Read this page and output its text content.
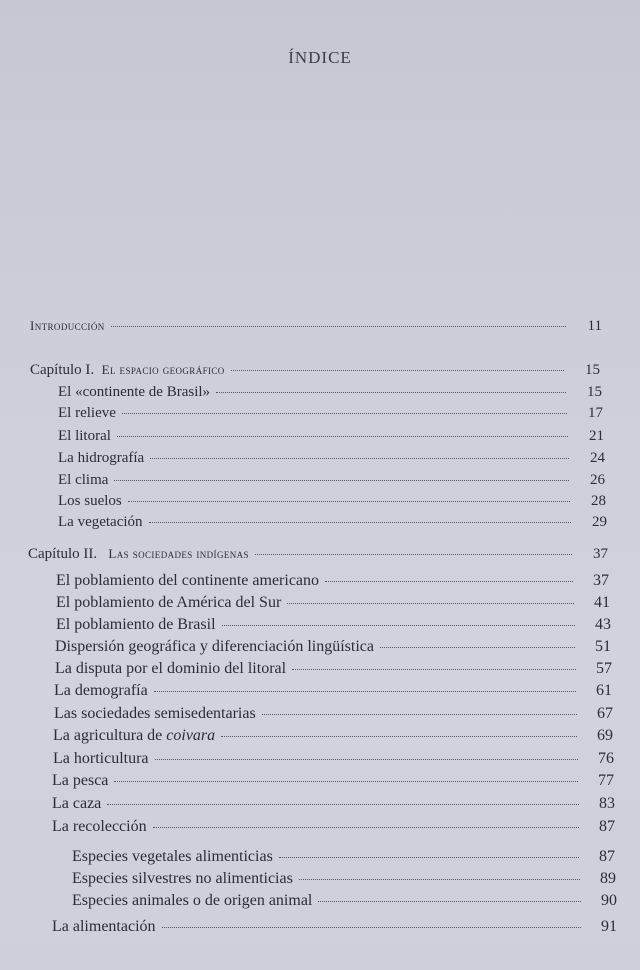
ÍNDICE
Introducción	11
Capítulo I. El espacio geográfico	15
El «continente de Brasil»	15
El relieve	17
El litoral	21
La hidrografía	24
El clima	26
Los suelos	28
La vegetación	29
Capítulo II. Las sociedades indígenas	37
El poblamiento del continente americano	37
El poblamiento de América del Sur	41
El poblamiento de Brasil	43
Dispersión geográfica y diferenciación lingüística	51
La disputa por el dominio del litoral	57
La demografía	61
Las sociedades semisedentarias	67
La agricultura de coivara	69
La horticultura	76
La pesca	77
La caza	83
La recolección	87
Especies vegetales alimenticias	87
Especies silvestres no alimenticias	89
Especies animales o de origen animal	90
La alimentación	91
